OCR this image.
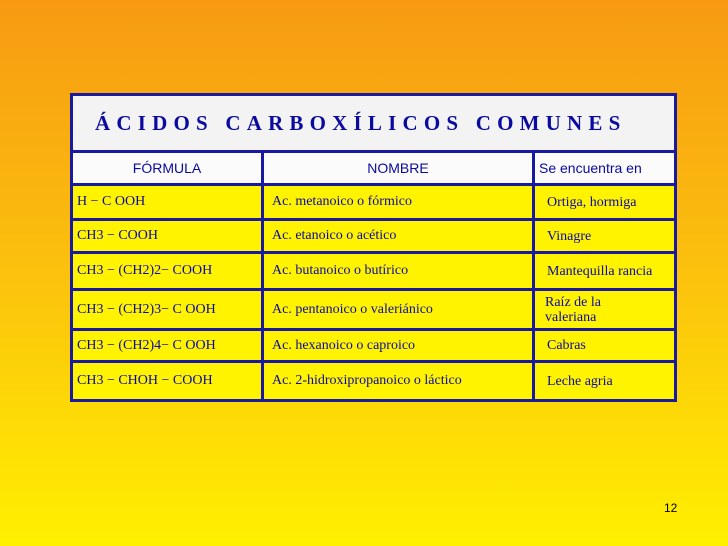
ÁCIDOS CARBOXÍLICOS COMUNES
FÓRMULA	NOMBRE	Se encuentra en
H − C OOH	Ac. metanoico o fórmico	Ortiga, hormiga
CH3 − COOH	Ac. etanoico o acético	Vinagre
CH3 − (CH2)2− COOH	Ac. butanoico o butírico	Mantequilla rancia
CH3 − (CH2)3− C OOH	Ac. pentanoico o valeriánico	Raíz de la valeriana
CH3 − (CH2)4− C OOH	Ac. hexanoico o caproico	Cabras
CH3 − CHOH − COOH	Ac. 2-hidroxipropanoico o láctico	Leche agria
12
